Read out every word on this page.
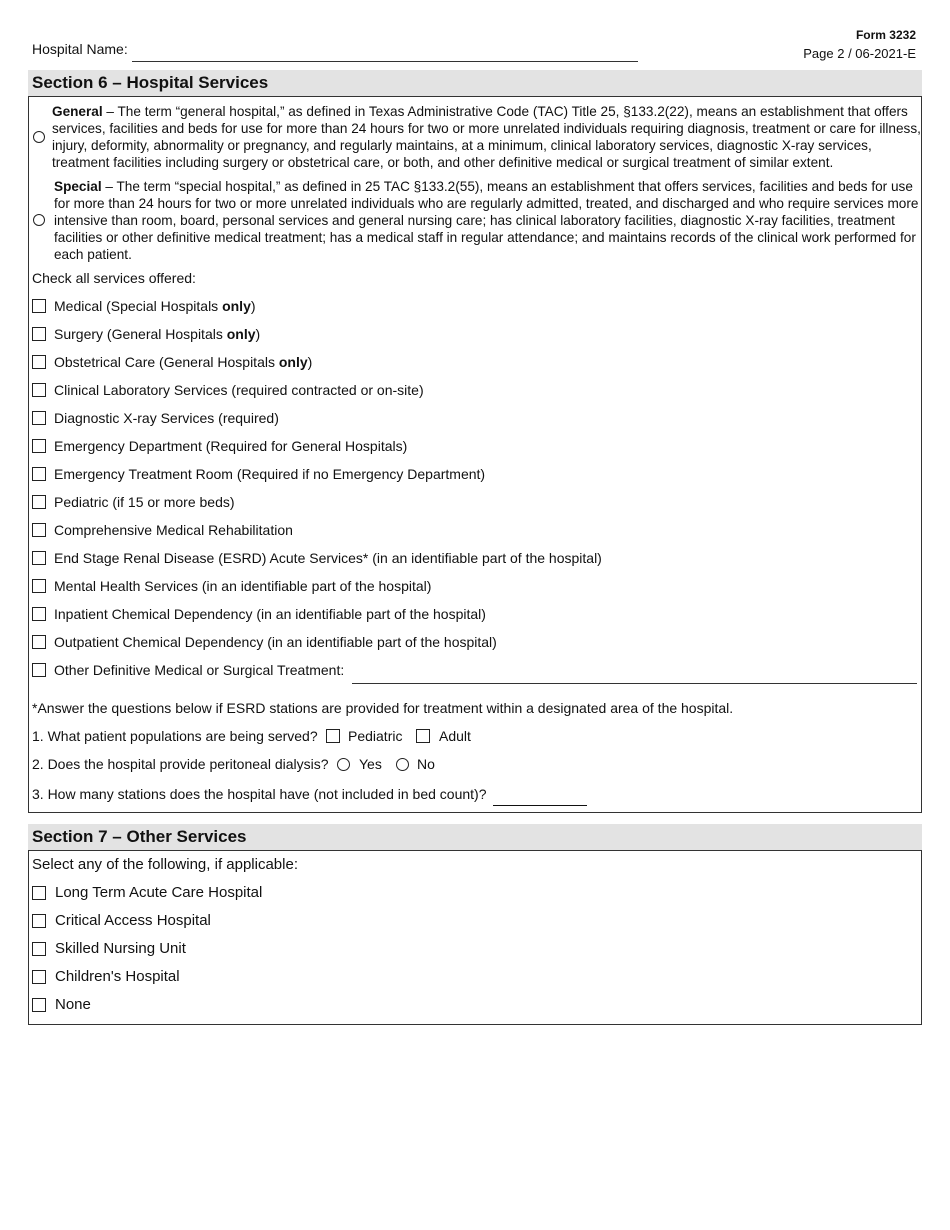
Hospital Name:
Form 3232
Page 2 / 06-2021-E
Section 6 – Hospital Services
General – The term “general hospital,” as defined in Texas Administrative Code (TAC) Title 25, §133.2(22), means an establishment that offers services, facilities and beds for use for more than 24 hours for two or more unrelated individuals requiring diagnosis, treatment or care for illness, injury, deformity, abnormality or pregnancy, and regularly maintains, at a minimum, clinical laboratory services, diagnostic X-ray services, treatment facilities including surgery or obstetrical care, or both, and other definitive medical or surgical treatment of similar extent.
Special – The term “special hospital,” as defined in 25 TAC §133.2(55), means an establishment that offers services, facilities and beds for use for more than 24 hours for two or more unrelated individuals who are regularly admitted, treated, and discharged and who require services more intensive than room, board, personal services and general nursing care; has clinical laboratory facilities, diagnostic X-ray facilities, treatment facilities or other definitive medical treatment; has a medical staff in regular attendance; and maintains records of the clinical work performed for each patient.
Check all services offered:
Medical (Special Hospitals only)
Surgery (General Hospitals only)
Obstetrical Care (General Hospitals only)
Clinical Laboratory Services (required contracted or on-site)
Diagnostic X-ray Services (required)
Emergency Department (Required for General Hospitals)
Emergency Treatment Room (Required if no Emergency Department)
Pediatric (if 15 or more beds)
Comprehensive Medical Rehabilitation
End Stage Renal Disease (ESRD) Acute Services* (in an identifiable part of the hospital)
Mental Health Services (in an identifiable part of the hospital)
Inpatient Chemical Dependency (in an identifiable part of the hospital)
Outpatient Chemical Dependency (in an identifiable part of the hospital)
Other Definitive Medical or Surgical Treatment:
*Answer the questions below if ESRD stations are provided for treatment within a designated area of the hospital.
1. What patient populations are being served? Pediatric	Adult
2. Does the hospital provide peritoneal dialysis? Yes	No
3. How many stations does the hospital have (not included in bed count)?
Section 7 – Other Services
Select any of the following, if applicable:
Long Term Acute Care Hospital
Critical Access Hospital
Skilled Nursing Unit
Children's Hospital
None
